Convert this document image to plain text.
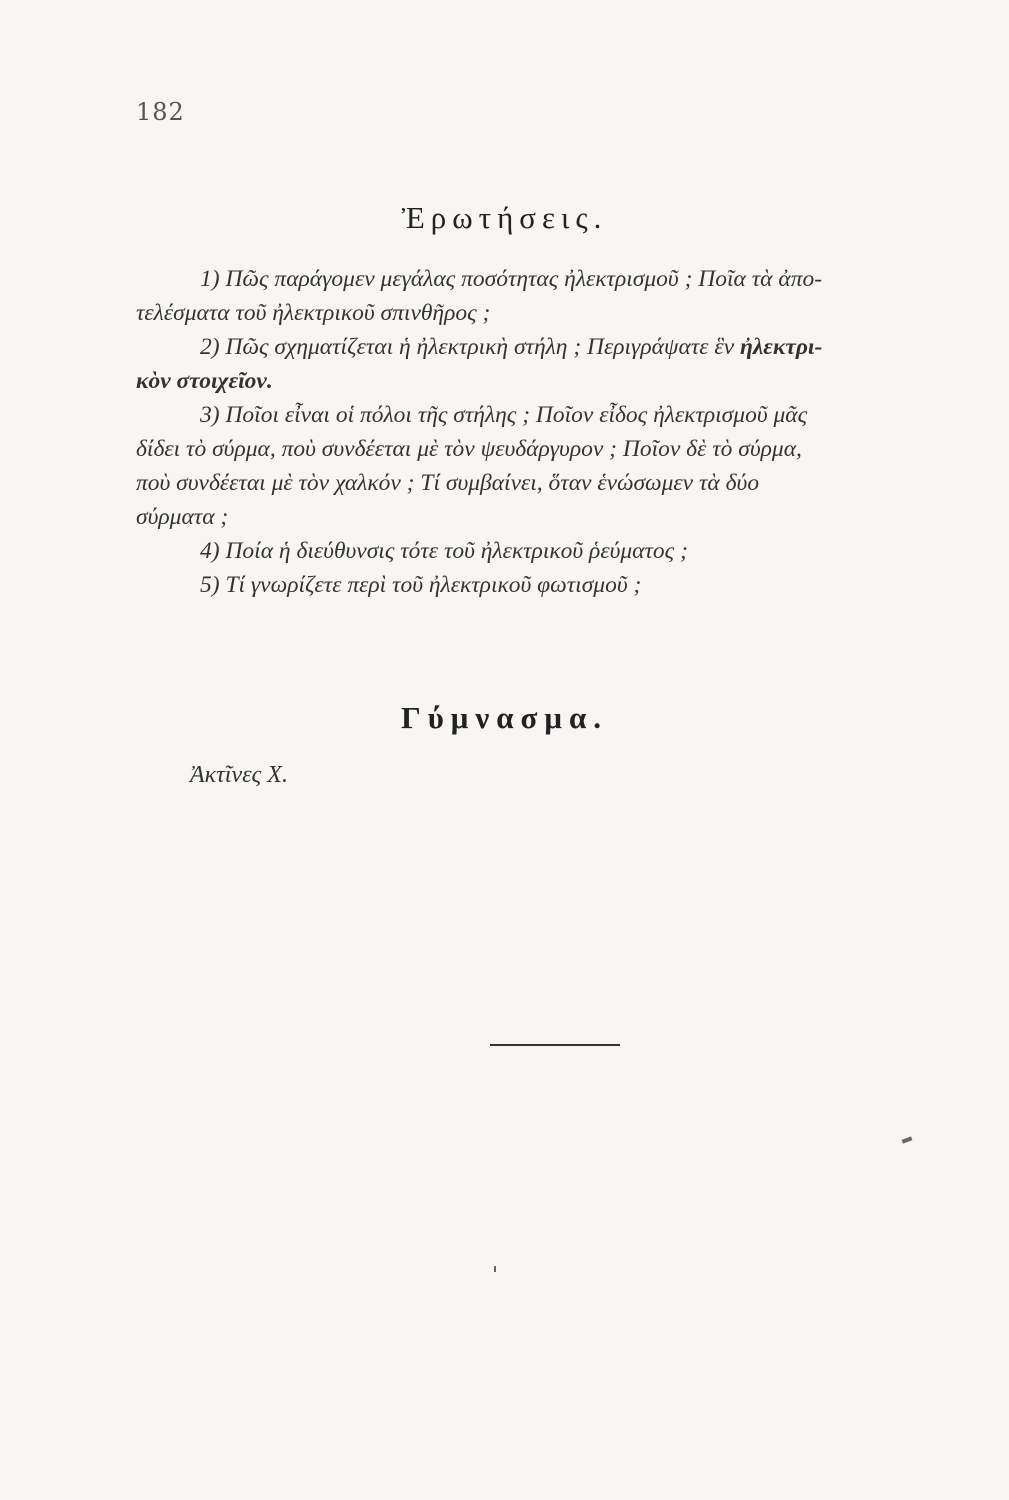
182
Ἐρωτήσεις.
1) Πῶς παράγομεν μεγάλας ποσότητας ἠλεκτρισμοῦ ; Ποῖα τὰ ἀπο-
τελέσματα τοῦ ἠλεκτρικοῦ σπινθῆρος ;
2) Πῶς σχηματίζεται ἡ ἠλεκτρικὴ στήλη ; Περιγράψατε ἓν ἠλεκτρι-
κὸν στοιχεῖον.
3) Ποῖοι εἶναι οἱ πόλοι τῆς στήλης ; Ποῖον εἶδος ἠλεκτρισμοῦ μᾶς
δίδει τὸ σύρμα, ποὺ συνδέεται μὲ τὸν ψευδάργυρον ; Ποῖον δὲ τὸ σύρμα,
ποὺ συνδέεται μὲ τὸν χαλκόν ; Τί συμβαίνει, ὅταν ἑνώσωμεν τὰ δύο
σύρματα ;
4) Ποία ἡ διεύθυνσις τότε τοῦ ἠλεκτρικοῦ ῥεύματος ;
5) Τί γνωρίζετε περὶ τοῦ ἠλεκτρικοῦ φωτισμοῦ ;
Γύμνασμα.
Ἀκτῖνες Χ.
